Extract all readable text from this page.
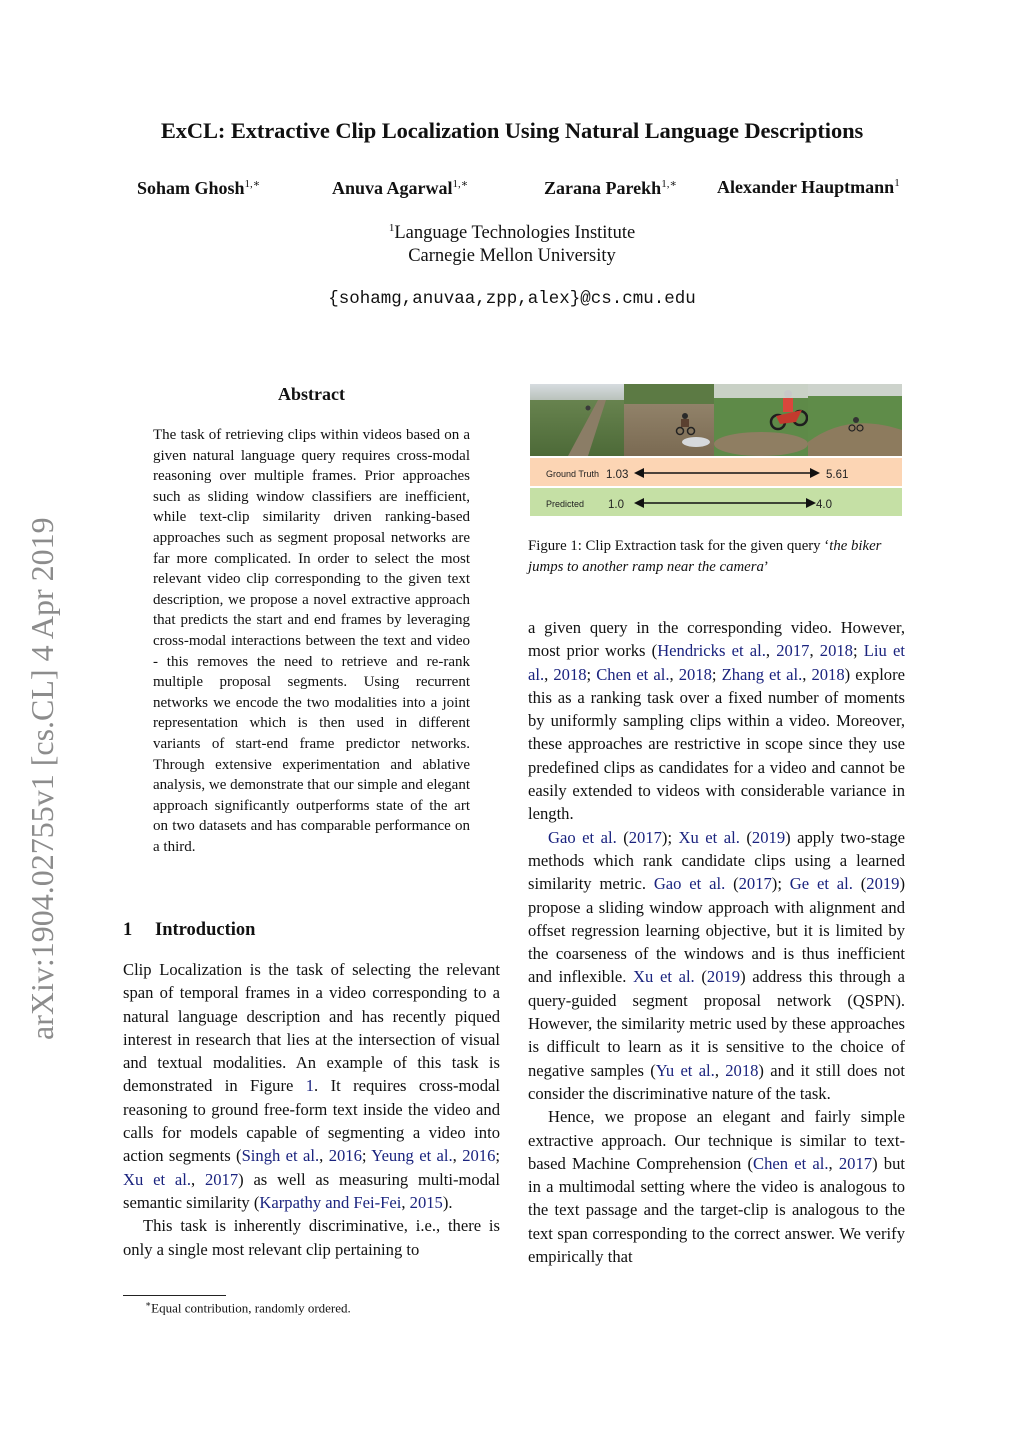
ExCL: Extractive Clip Localization Using Natural Language Descriptions
Soham Ghosh$^{1,∗}$	Anuva Agarwal$^{1,∗}$	Zarana Parekh$^{1,∗}$ Alexander Hauptmann$^1$
$^1$Language Technologies Institute
Carnegie Mellon University
{sohamg,anuvaa,zpp,alex}@cs.cmu.edu
arXiv:1904.02755v1 [cs.CL] 4 Apr 2019
Abstract
The task of retrieving clips within videos based on a given natural language query requires cross-modal reasoning over multiple frames. Prior approaches such as sliding window classifiers are inefficient, while text-clip similarity driven ranking-based approaches such as segment proposal networks are far more complicated. In order to select the most relevant video clip corresponding to the given text description, we propose a novel extractive approach that predicts the start and end frames by leveraging cross-modal interactions between the text and video - this removes the need to retrieve and re-rank multiple proposal segments. Using recurrent networks we encode the two modalities into a joint representation which is then used in different variants of start-end frame predictor networks. Through extensive experimentation and ablative analysis, we demonstrate that our simple and elegant approach significantly outperforms state of the art on two datasets and has comparable performance on a third.
1 Introduction

Clip Localization is the task of selecting the relevant span of temporal frames in a video corresponding to a natural language description and has recently piqued interest in research that lies at the intersection of visual and textual modalities. An example of this task is demonstrated in Figure 1. It requires cross-modal reasoning to ground free-form text inside the video and calls for models capable of segmenting a video into action segments (Singh et al., 2016; Yeung et al., 2016; Xu et al., 2017) as well as measuring multi-modal semantic similarity (Karpathy and Fei-Fei, 2015).

This task is inherently discriminative, i.e., there is only a single most relevant clip pertaining to

∗Equal contribution, randomly ordered.
Ground Truth 1.03	5.61
Predicted 1.0	4.0
Figure 1: Clip Extraction task for the given query ‘the biker jumps to another ramp near the camera’

a given query in the corresponding video. However, most prior works (Hendricks et al., 2017, 2018; Liu et al., 2018; Chen et al., 2018; Zhang et al., 2018) explore this as a ranking task over a fixed number of moments by uniformly sampling clips within a video. Moreover, these approaches are restrictive in scope since they use predefined clips as candidates for a video and cannot be easily extended to videos with considerable variance in length.

Gao et al. (2017); Xu et al. (2019) apply two-stage methods which rank candidate clips using a learned similarity metric. Gao et al. (2017); Ge et al. (2019) propose a sliding window approach with alignment and offset regression learning objective, but it is limited by the coarseness of the windows and is thus inefficient and inflexible. Xu et al. (2019) address this through a query-guided segment proposal network (QSPN). However, the similarity metric used by these approaches is difficult to learn as it is sensitive to the choice of negative samples (Yu et al., 2018) and it still does not consider the discriminative nature of the task.

Hence, we propose an elegant and fairly simple extractive approach. Our technique is similar to text-based Machine Comprehension (Chen et al., 2017) but in a multimodal setting where the video is analogous to the text passage and the target-clip is analogous to the text span corresponding to the correct answer. We verify empirically that
